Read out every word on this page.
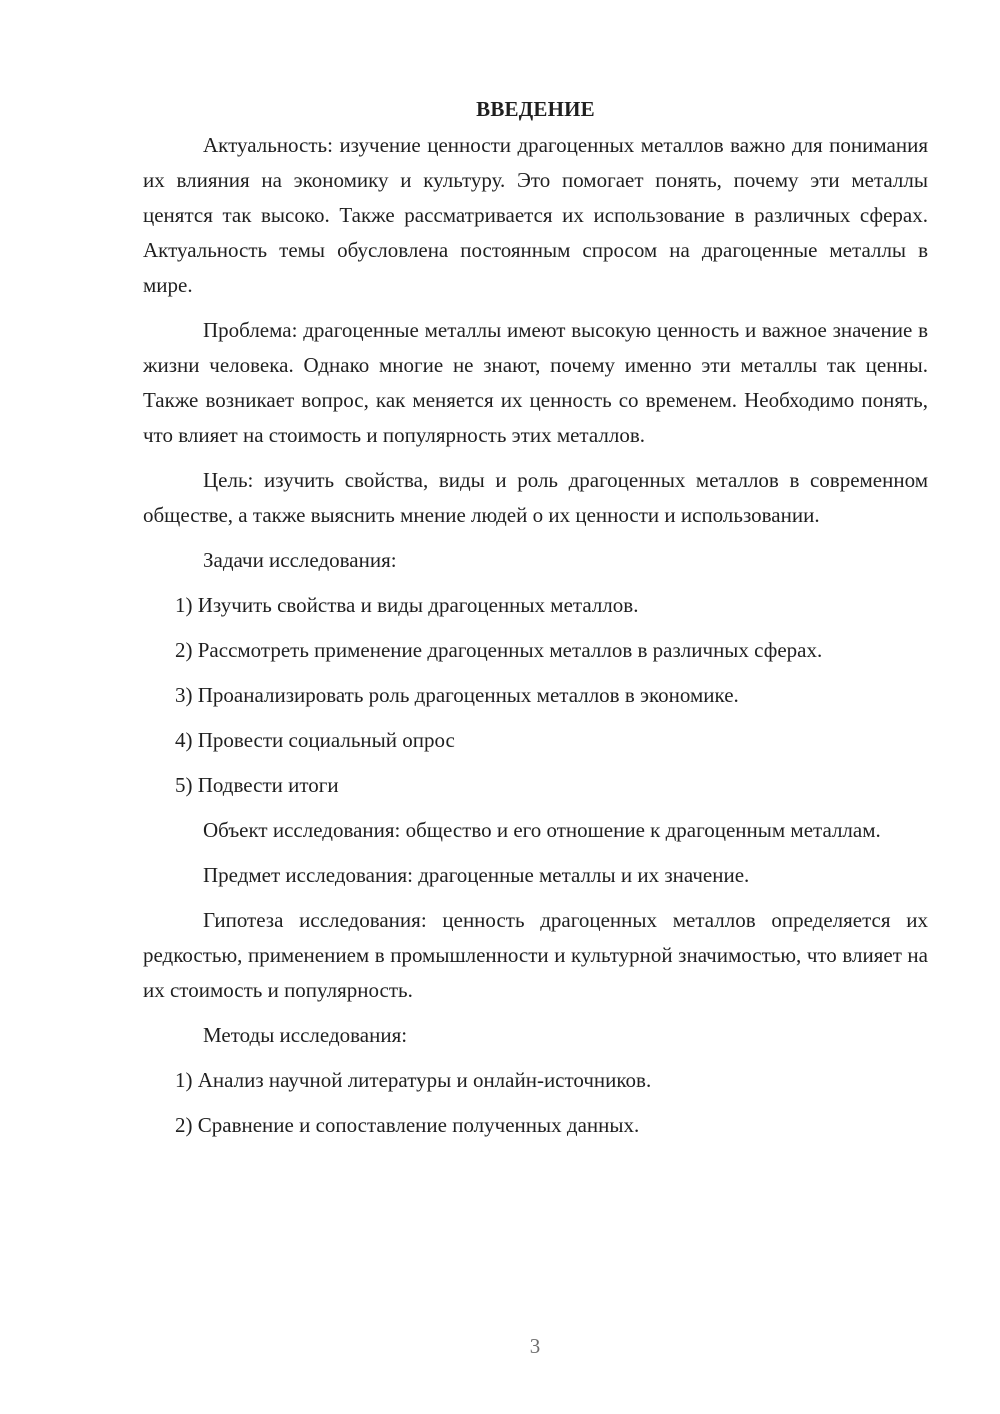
ВВЕДЕНИЕ

Актуальность: изучение ценности драгоценных металлов важно для понимания их влияния на экономику и культуру. Это помогает понять, почему эти металлы ценятся так высоко. Также рассматривается их использование в различных сферах. Актуальность темы обусловлена постоянным спросом на драгоценные металлы в мире.

Проблема: драгоценные металлы имеют высокую ценность и важное значение в жизни человека. Однако многие не знают, почему именно эти металлы так ценны. Также возникает вопрос, как меняется их ценность со временем. Необходимо понять, что влияет на стоимость и популярность этих металлов.

Цель: изучить свойства, виды и роль драгоценных металлов в современном обществе, а также выяснить мнение людей о их ценности и использовании.

Задачи исследования:

1) Изучить свойства и виды драгоценных металлов.

2) Рассмотреть применение драгоценных металлов в различных сферах.

3) Проанализировать роль драгоценных металлов в экономике.

4) Провести социальный опрос

5) Подвести итоги

Объект исследования: общество и его отношение к драгоценным металлам.

Предмет исследования: драгоценные металлы и их значение.

Гипотеза исследования: ценность драгоценных металлов определяется их редкостью, применением в промышленности и культурной значимостью, что влияет на их стоимость и популярность.

Методы исследования:

1) Анализ научной литературы и онлайн-источников.

2) Сравнение и сопоставление полученных данных.

3
